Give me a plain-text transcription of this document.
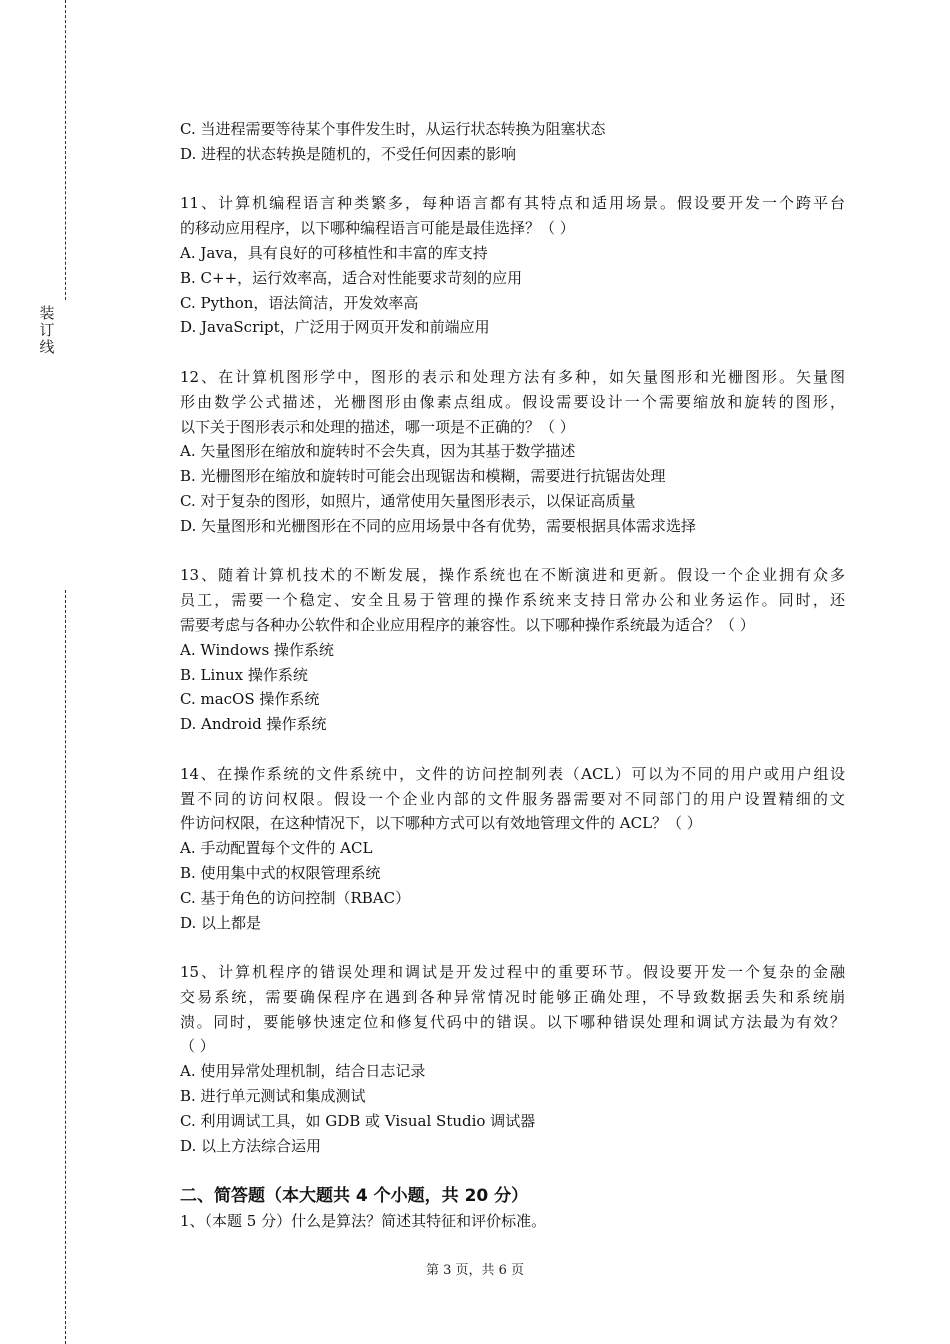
装
订
线
C. 当进程需要等待某个事件发生时，从运行状态转换为阻塞状态
D. 进程的状态转换是随机的，不受任何因素的影响
11、计算机编程语言种类繁多，每种语言都有其特点和适用场景。假设要开发一个跨平台
的移动应用程序，以下哪种编程语言可能是最佳选择？（ ）
A. Java，具有良好的可移植性和丰富的库支持
B. C++，运行效率高，适合对性能要求苛刻的应用
C. Python，语法简洁，开发效率高
D. JavaScript，广泛用于网页开发和前端应用
12、在计算机图形学中，图形的表示和处理方法有多种，如矢量图形和光栅图形。矢量图
形由数学公式描述，光栅图形由像素点组成。假设需要设计一个需要缩放和旋转的图形，
以下关于图形表示和处理的描述，哪一项是不正确的？（ ）
A. 矢量图形在缩放和旋转时不会失真，因为其基于数学描述
B. 光栅图形在缩放和旋转时可能会出现锯齿和模糊，需要进行抗锯齿处理
C. 对于复杂的图形，如照片，通常使用矢量图形表示，以保证高质量
D. 矢量图形和光栅图形在不同的应用场景中各有优势，需要根据具体需求选择
13、随着计算机技术的不断发展，操作系统也在不断演进和更新。假设一个企业拥有众多
员工，需要一个稳定、安全且易于管理的操作系统来支持日常办公和业务运作。同时，还
需要考虑与各种办公软件和企业应用程序的兼容性。以下哪种操作系统最为适合？（ ）
A. Windows 操作系统
B. Linux 操作系统
C. macOS 操作系统
D. Android 操作系统
14、在操作系统的文件系统中，文件的访问控制列表（ACL）可以为不同的用户或用户组设
置不同的访问权限。假设一个企业内部的文件服务器需要对不同部门的用户设置精细的文
件访问权限，在这种情况下，以下哪种方式可以有效地管理文件的 ACL？（ ）
A. 手动配置每个文件的 ACL
B. 使用集中式的权限管理系统
C. 基于角色的访问控制（RBAC）
D. 以上都是
15、计算机程序的错误处理和调试是开发过程中的重要环节。假设要开发一个复杂的金融
交易系统，需要确保程序在遇到各种异常情况时能够正确处理，不导致数据丢失和系统崩
溃。同时，要能够快速定位和修复代码中的错误。以下哪种错误处理和调试方法最为有效？
（ ）
A. 使用异常处理机制，结合日志记录
B. 进行单元测试和集成测试
C. 利用调试工具，如 GDB 或 Visual Studio 调试器
D. 以上方法综合运用
二、简答题（本大题共 4 个小题，共 20 分）
1、（本题 5 分）什么是算法？简述其特征和评价标准。
第 3 页，共 6 页
